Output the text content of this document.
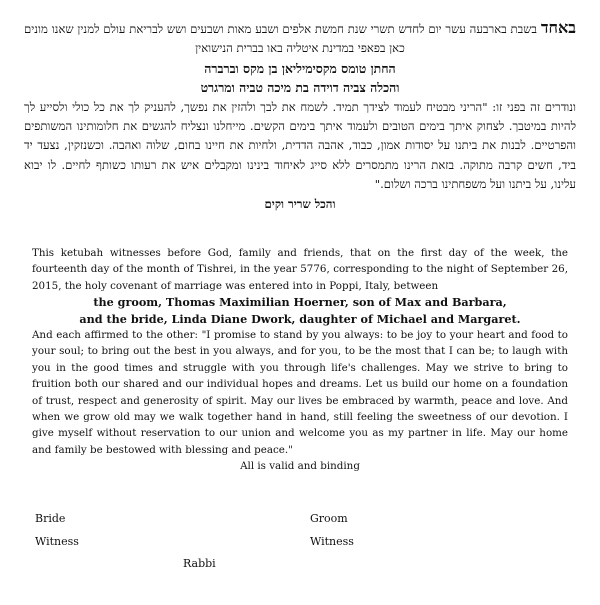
באחד בשבת בארבעה עשר יום לחדש תשרי שנת חמשת אלפים ושבע מאות ושבעים ושש לבריאת עולם למנין שאנו מונים כאן בפאפי במדינת איטליה באו בברית הנישואין

החתן טומס מקסימיליאן בן מקס וברברה

והכלה צביה דוידה בת מיכה טביה ומרגרט

ונודרים זה בפני זו: "הריני מבטיח לעמוד לצידך תמיד. לשמח את לבך ולהזין את נפשך, להעניק לך את כל כולי ולסייע לך להיות במיטבך. לצחוק איתך בימים הטובים ולעמוד איתך בימים הקשים. מייחלנו ונצליח להגשים את חלומותינו המשותפים והפרטיים. לבנות את ביתנו על יסודות אמון, כבוד, אהבה הדדית, ולחיות את חיינו בחום, שלוה ואהבה. וכשנזקין, נצעד יד ביד, חשים קרבה מתוקה. בזאת הרינו מתמסרים ללא סייג לאיחוד בינינו ומקבלים איש את רעותו כשותף לחיים. לו יבוא עלינו, על ביתנו ועל משפחתינו ברכה ושלום."

והכל שריר וקים

This ketubah witnesses before God, family and friends, that on the first day of the week, the fourteenth day of the month of Tishrei, in the year 5776, corresponding to the night of September 26, 2015, the holy covenant of marriage was entered into in Poppi, Italy, between

the groom, Thomas Maximilian Hoerner, son of Max and Barbara,

and the bride, Linda Diane Dwork, daughter of Michael and Margaret.

And each affirmed to the other: "I promise to stand by you always: to be joy to your heart and food to your soul; to bring out the best in you always, and for you, to be the most that I can be; to laugh with you in the good times and struggle with you through life's challenges. May we strive to bring to fruition both our shared and our individual hopes and dreams. Let us build our home on a foundation of trust, respect and generosity of spirit. May our lives be embraced by warmth, peace and love. And when we grow old may we walk together hand in hand, still feeling the sweetness of our devotion. I give myself without reservation to our union and welcome you as my partner in life. May our home and family be bestowed with blessing and peace."

All is valid and binding

Bride	Groom
Witness	Witness
Rabbi
